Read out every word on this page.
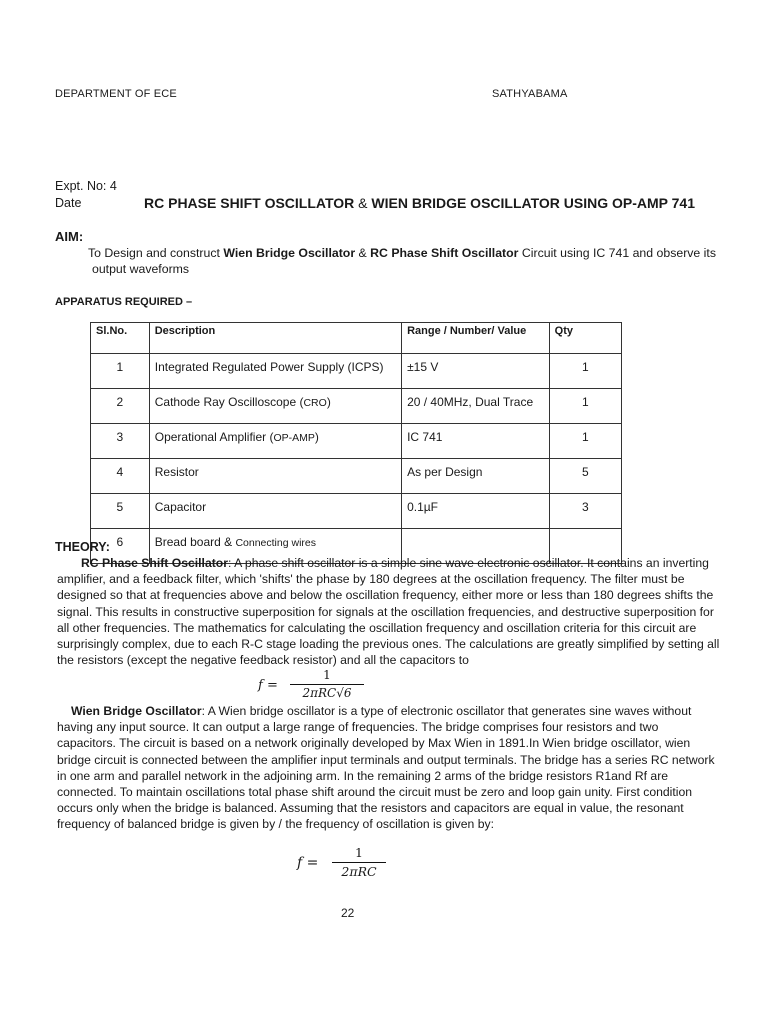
DEPARTMENT OF ECE	SATHYABAMA
Expt. No: 4
Date	RC PHASE SHIFT OSCILLATOR & WIEN BRIDGE OSCILLATOR USING OP-AMP 741
AIM:
To Design and construct Wien Bridge Oscillator & RC Phase Shift Oscillator Circuit using IC 741 and observe its
output waveforms
APPARATUS REQUIRED –
Sl.No.	Description	Range / Number/ Value	Qty
1	Integrated Regulated Power Supply (ICPS)	±15 V	1
2	Cathode Ray Oscilloscope (CRO)	20 / 40MHz, Dual Trace	1
3	Operational Amplifier (OP-AMP)	IC 741	1
4	Resistor	As per Design	5
5	Capacitor	0.1µF	3
6	Bread board & Connecting wires		
THEORY:
RC Phase Shift Oscillator: A phase shift oscillator is a simple sine wave electronic oscillator. It contains an inverting
amplifier, and a feedback filter, which 'shifts' the phase by 180 degrees at the oscillation frequency. The filter must be
designed so that at frequencies above and below the oscillation frequency, either more or less than 180 degrees shifts the
signal. This results in constructive superposition for signals at the oscillation frequencies, and destructive superposition for
all other frequencies. The mathematics for calculating the oscillation frequency and oscillation criteria for this circuit are
surprisingly complex, due to each R-C stage loading the previous ones. The calculations are greatly simplified by setting all
the resistors (except the negative feedback resistor) and all the capacitors to
f =
1
2πRC√6
Wien Bridge Oscillator: A Wien bridge oscillator is a type of electronic oscillator that generates sine waves without
having any input source. It can output a large range of frequencies. The bridge comprises four resistors and two
capacitors. The circuit is based on a network originally developed by Max Wien in 1891.In Wien bridge oscillator, wien
bridge circuit is connected between the amplifier input terminals and output terminals. The bridge has a series RC network
in one arm and parallel network in the adjoining arm. In the remaining 2 arms of the bridge resistors R1and Rf are
connected. To maintain oscillations total phase shift around the circuit must be zero and loop gain unity. First condition
occurs only when the bridge is balanced. Assuming that the resistors and capacitors are equal in value, the resonant
frequency of balanced bridge is given by / the frequency of oscillation is given by:
f =
1
2πRC
22
